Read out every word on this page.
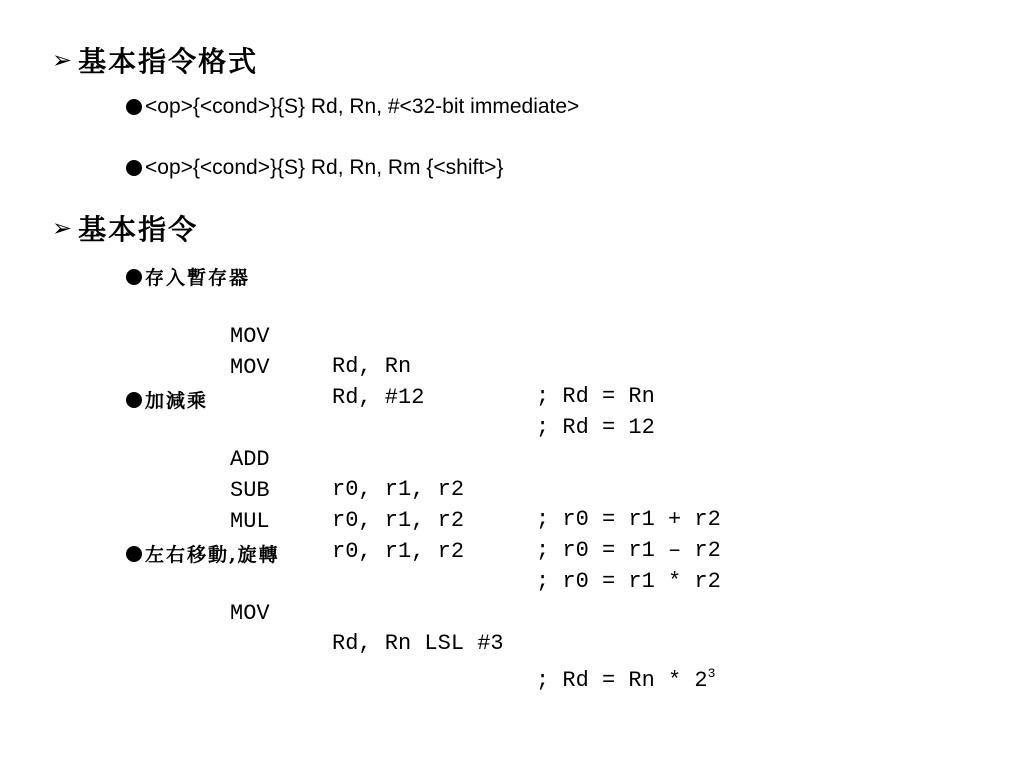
➢ 基本指令格式
<op>{<cond>}{S} Rd, Rn, #<32-bit immediate>
<op>{<cond>}{S} Rd, Rn, Rm {<shift>}
➢ 基本指令
存入暫存器

MOV

Rd, Rn

; Rd = Rn

MOV

Rd, #12

; Rd = 12

加減乘

ADD

r0, r1, r2

; r0 = r1 + r2

SUB

r0, r1, r2

; r0 = r1 – r2

MUL

r0, r1, r2

; r0 = r1 * r2

左右移動,旋轉

MOV

Rd, Rn LSL #3

; $Rd = Rn * 2^3$
